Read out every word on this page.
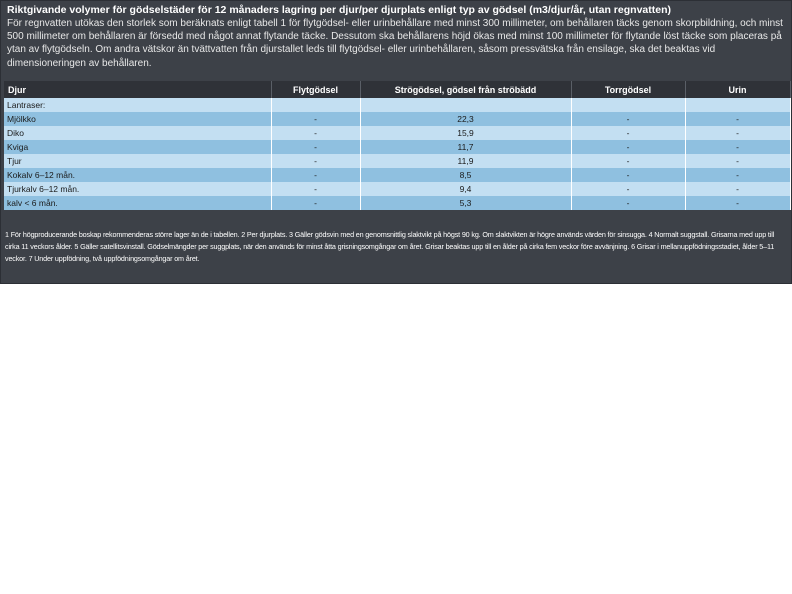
Riktgivande volymer för gödselstäder för 12 månaders lagring per djur/per djurplats enligt typ av gödsel (m3/djur/år, utan regnvatten)
För regnvatten utökas den storlek som beräknats enligt tabell 1 för flytgödsel- eller urinbehållare med minst 300 millimeter, om behållaren täcks genom skorpbildning, och minst 500 millimeter om behållaren är försedd med något annat flytande täcke. Dessutom ska behållarens höjd ökas med minst 100 millimeter för flytande löst täcke som placeras på ytan av flytgödseln. Om andra vätskor än tvättvatten från djurstallet leds till flytgödsel- eller urinbehållaren, såsom pressvätska från ensilage, ska det beaktas vid dimensioneringen av behållaren.
Djur	Flytgödsel	Strögödsel, gödsel från ströbädd	Torrgödsel	Urin
Lantraser:				
Mjölkko	-	22,3	-	-
Diko	-	15,9	-	-
Kviga	-	11,7	-	-
Tjur	-	11,9	-	-
Kokalv 6–12 mån.	-	8,5	-	-
Tjurkalv 6–12 mån.	-	9,4	-	-
kalv < 6 mån.	-	5,3	-	-
1 För högproducerande boskap rekommenderas större lager än de i tabellen. 2 Per djurplats. 3 Gäller gödsvin med en genomsnittlig slaktvikt på högst 90 kg. Om slaktvikten är högre används värden för sinsugga. 4 Normalt suggstall. Grisarna med upp till cirka 11 veckors ålder. 5 Gäller satellitsvinstall. Gödselmängder per suggplats, när den används för minst åtta grisningsomgångar om året. Grisar beaktas upp till en ålder på cirka fem veckor före avvänjning. 6 Grisar i mellanuppfödningsstadiet, ålder 5–11 veckor. 7 Under uppfödning, två uppfödningsomgångar om året.
